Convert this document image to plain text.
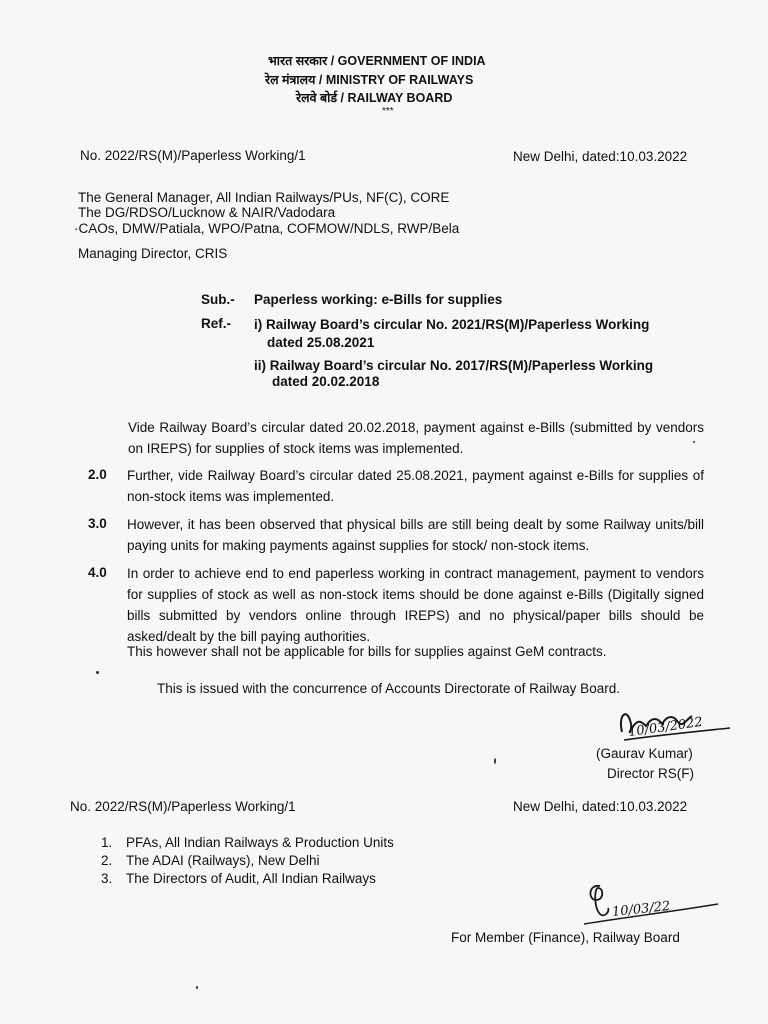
भारत सरकार / GOVERNMENT OF INDIA
रेल मंत्रालय / MINISTRY OF RAILWAYS
रेलवे बोर्ड / RAILWAY BOARD
***
No. 2022/RS(M)/Paperless Working/1	New Delhi, dated:10.03.2022
The General Manager, All Indian Railways/PUs, NF(C), CORE
The DG/RDSO/Lucknow & NAIR/Vadodara
·CAOs, DMW/Patiala, WPO/Patna, COFMOW/NDLS, RWP/Bela
Managing Director, CRIS
Sub.- Paperless working: e-Bills for supplies
Ref.- i) Railway Board’s circular No. 2021/RS(M)/Paperless Working
dated 25.08.2021
ii) Railway Board’s circular No. 2017/RS(M)/Paperless Working
dated 20.02.2018
Vide Railway Board’s circular dated 20.02.2018, payment against e-Bills (submitted by vendors on IREPS) for supplies of stock items was implemented.
2.0 Further, vide Railway Board’s circular dated 25.08.2021, payment against e-Bills for supplies of non-stock items was implemented.
3.0 However, it has been observed that physical bills are still being dealt by some Railway units/bill paying units for making payments against supplies for stock/ non-stock items.
4.0 In order to achieve end to end paperless working in contract management, payment to vendors for supplies of stock as well as non-stock items should be done against e-Bills (Digitally signed bills submitted by vendors online through IREPS) and no physical/paper bills should be asked/dealt by the bill paying authorities.
This however shall not be applicable for bills for supplies against GeM contracts.
This is issued with the concurrence of Accounts Directorate of Railway Board.
10/03/2022
(Gaurav Kumar)
Director RS(F)
No. 2022/RS(M)/Paperless Working/1	New Delhi, dated:10.03.2022
1. PFAs, All Indian Railways & Production Units
2. The ADAI (Railways), New Delhi
3. The Directors of Audit, All Indian Railways
10/03/22
For Member (Finance), Railway Board
